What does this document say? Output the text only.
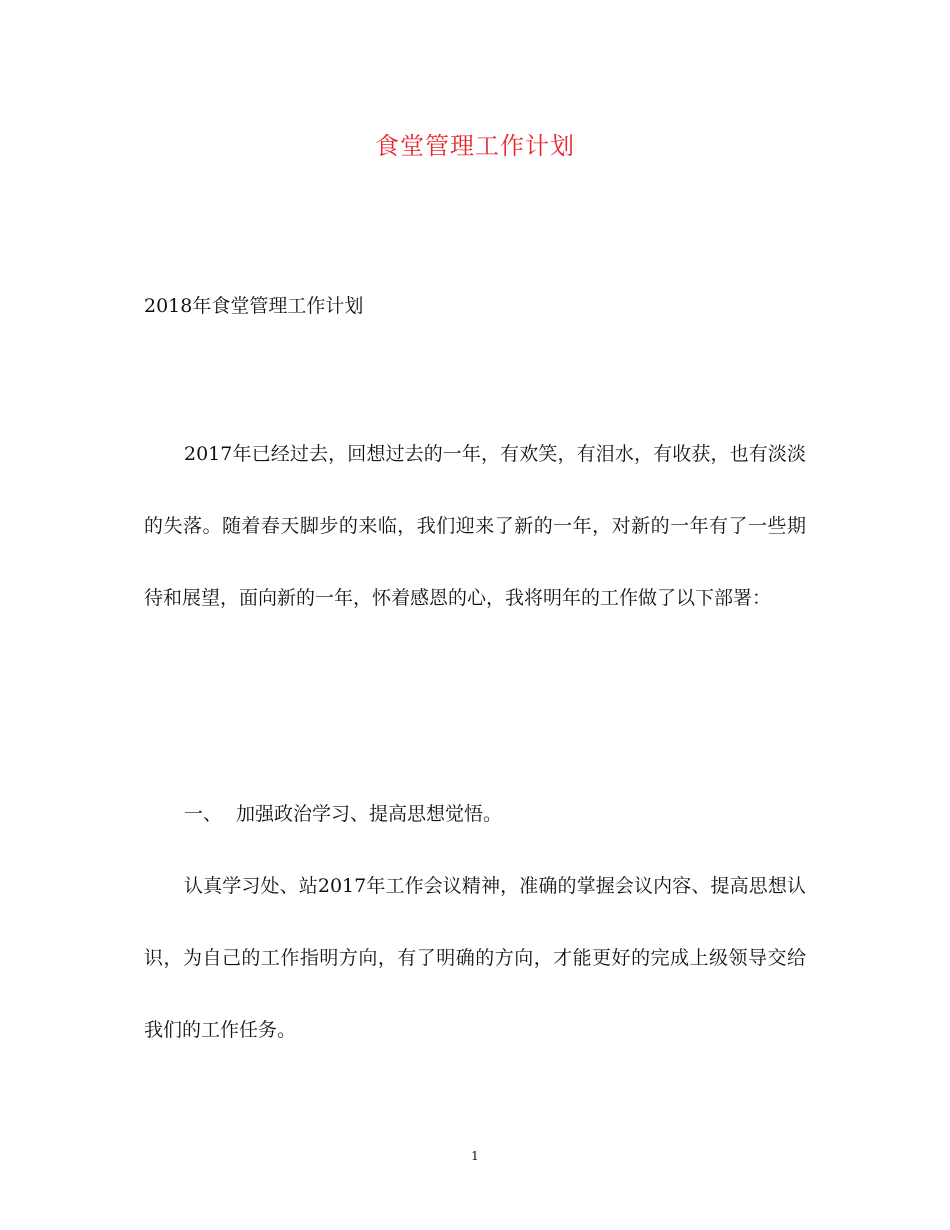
食堂管理工作计划
2018年食堂管理工作计划

2017年已经过去，回想过去的一年，有欢笑，有泪水，有收获，也有淡淡的失落。随着春天脚步的来临，我们迎来了新的一年，对新的一年有了一些期待和展望，面向新的一年，怀着感恩的心，我将明年的工作做了以下部署：

一、 加强政治学习、提高思想觉悟。

认真学习处、站2017年工作会议精神，准确的掌握会议内容、提高思想认识，为自己的工作指明方向，有了明确的方向，才能更好的完成上级领导交给我们的工作任务。

1
